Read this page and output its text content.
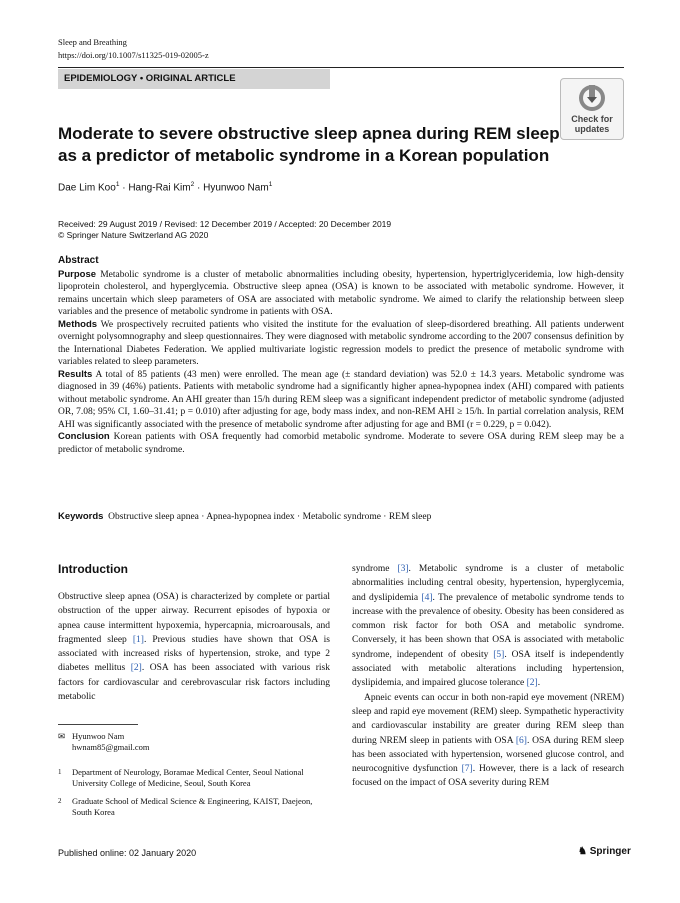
Sleep and Breathing
https://doi.org/10.1007/s11325-019-02005-z
EPIDEMIOLOGY • ORIGINAL ARTICLE
Check for updates
Moderate to severe obstructive sleep apnea during REM sleep as a predictor of metabolic syndrome in a Korean population
Dae Lim Koo$^1$ · Hang-Rai Kim$^2$ · Hyunwoo Nam$^1$
Received: 29 August 2019 / Revised: 12 December 2019 / Accepted: 20 December 2019
© Springer Nature Switzerland AG 2020
Abstract

Purpose Metabolic syndrome is a cluster of metabolic abnormalities including obesity, hypertension, hypertriglyceridemia, low high-density lipoprotein cholesterol, and hyperglycemia. Obstructive sleep apnea (OSA) is known to be associated with metabolic syndrome. However, it remains uncertain which sleep parameters of OSA are associated with metabolic syndrome. We aimed to clarify the relationship between sleep variables and the presence of metabolic syndrome in patients with OSA.

Methods We prospectively recruited patients who visited the institute for the evaluation of sleep-disordered breathing. All patients underwent overnight polysomnography and sleep questionnaires. They were diagnosed with metabolic syndrome according to the 2007 consensus definition by the International Diabetes Federation. We applied multivariate logistic regression models to predict the presence of metabolic syndrome with variables related to sleep parameters.

Results A total of 85 patients (43 men) were enrolled. The mean age (± standard deviation) was 52.0 ± 14.3 years. Metabolic syndrome was diagnosed in 39 (46%) patients. Patients with metabolic syndrome had a significantly higher apnea-hypopnea index (AHI) compared with patients without metabolic syndrome. An AHI greater than 15/h during REM sleep was a significant independent predictor of metabolic syndrome (adjusted OR, 7.08; 95% CI, 1.60–31.41; p = 0.010) after adjusting for age, body mass index, and non-REM AHI ≥ 15/h. In partial correlation analysis, REM AHI was significantly associated with the presence of metabolic syndrome after adjusting for age and BMI (r = 0.229, p = 0.042).

Conclusion Korean patients with OSA frequently had comorbid metabolic syndrome. Moderate to severe OSA during REM sleep may be a predictor of metabolic syndrome.

Keywords Obstructive sleep apnea · Apnea-hypopnea index · Metabolic syndrome · REM sleep
Introduction
Obstructive sleep apnea (OSA) is characterized by complete or partial obstruction of the upper airway. Recurrent episodes of hypoxia or apnea cause intermittent hypoxemia, hypercapnia, microarousals, and fragmented sleep [1]. Previous studies have shown that OSA is associated with increased risks of hypertension, stroke, and type 2 diabetes mellitus [2]. OSA has been associated with various risk factors for cardiovascular and cerebrovascular risk factors including metabolic

syndrome [3]. Metabolic syndrome is a cluster of metabolic abnormalities including central obesity, hypertension, hyperglycemia, and dyslipidemia [4]. The prevalence of metabolic syndrome tends to increase with the prevalence of obesity. Obesity has been considered as common risk factor for both OSA and metabolic syndrome. Conversely, it has been shown that OSA is associated with metabolic syndrome, independent of obesity [5]. OSA itself is independently associated with metabolic alterations including hypertension, dyslipidemia, and impaired glucose tolerance [2].

Apneic events can occur in both non-rapid eye movement (NREM) sleep and rapid eye movement (REM) sleep. Sympathetic hyperactivity and cardiovascular instability are greater during REM sleep than during NREM sleep in patients with OSA [6]. OSA during REM sleep has been associated with hypertension, worsened glucose control, and neurocognitive dysfunction [7]. However, there is a lack of research focused on the impact of OSA severity during REM

✉ Hyunwoo Nam
hwnam85@gmail.com
1 Department of Neurology, Boramae Medical Center, Seoul National University College of Medicine, Seoul, South Korea
2 Graduate School of Medical Science & Engineering, KAIST, Daejeon, South Korea
Published online: 02 January 2020	♞ Springer
